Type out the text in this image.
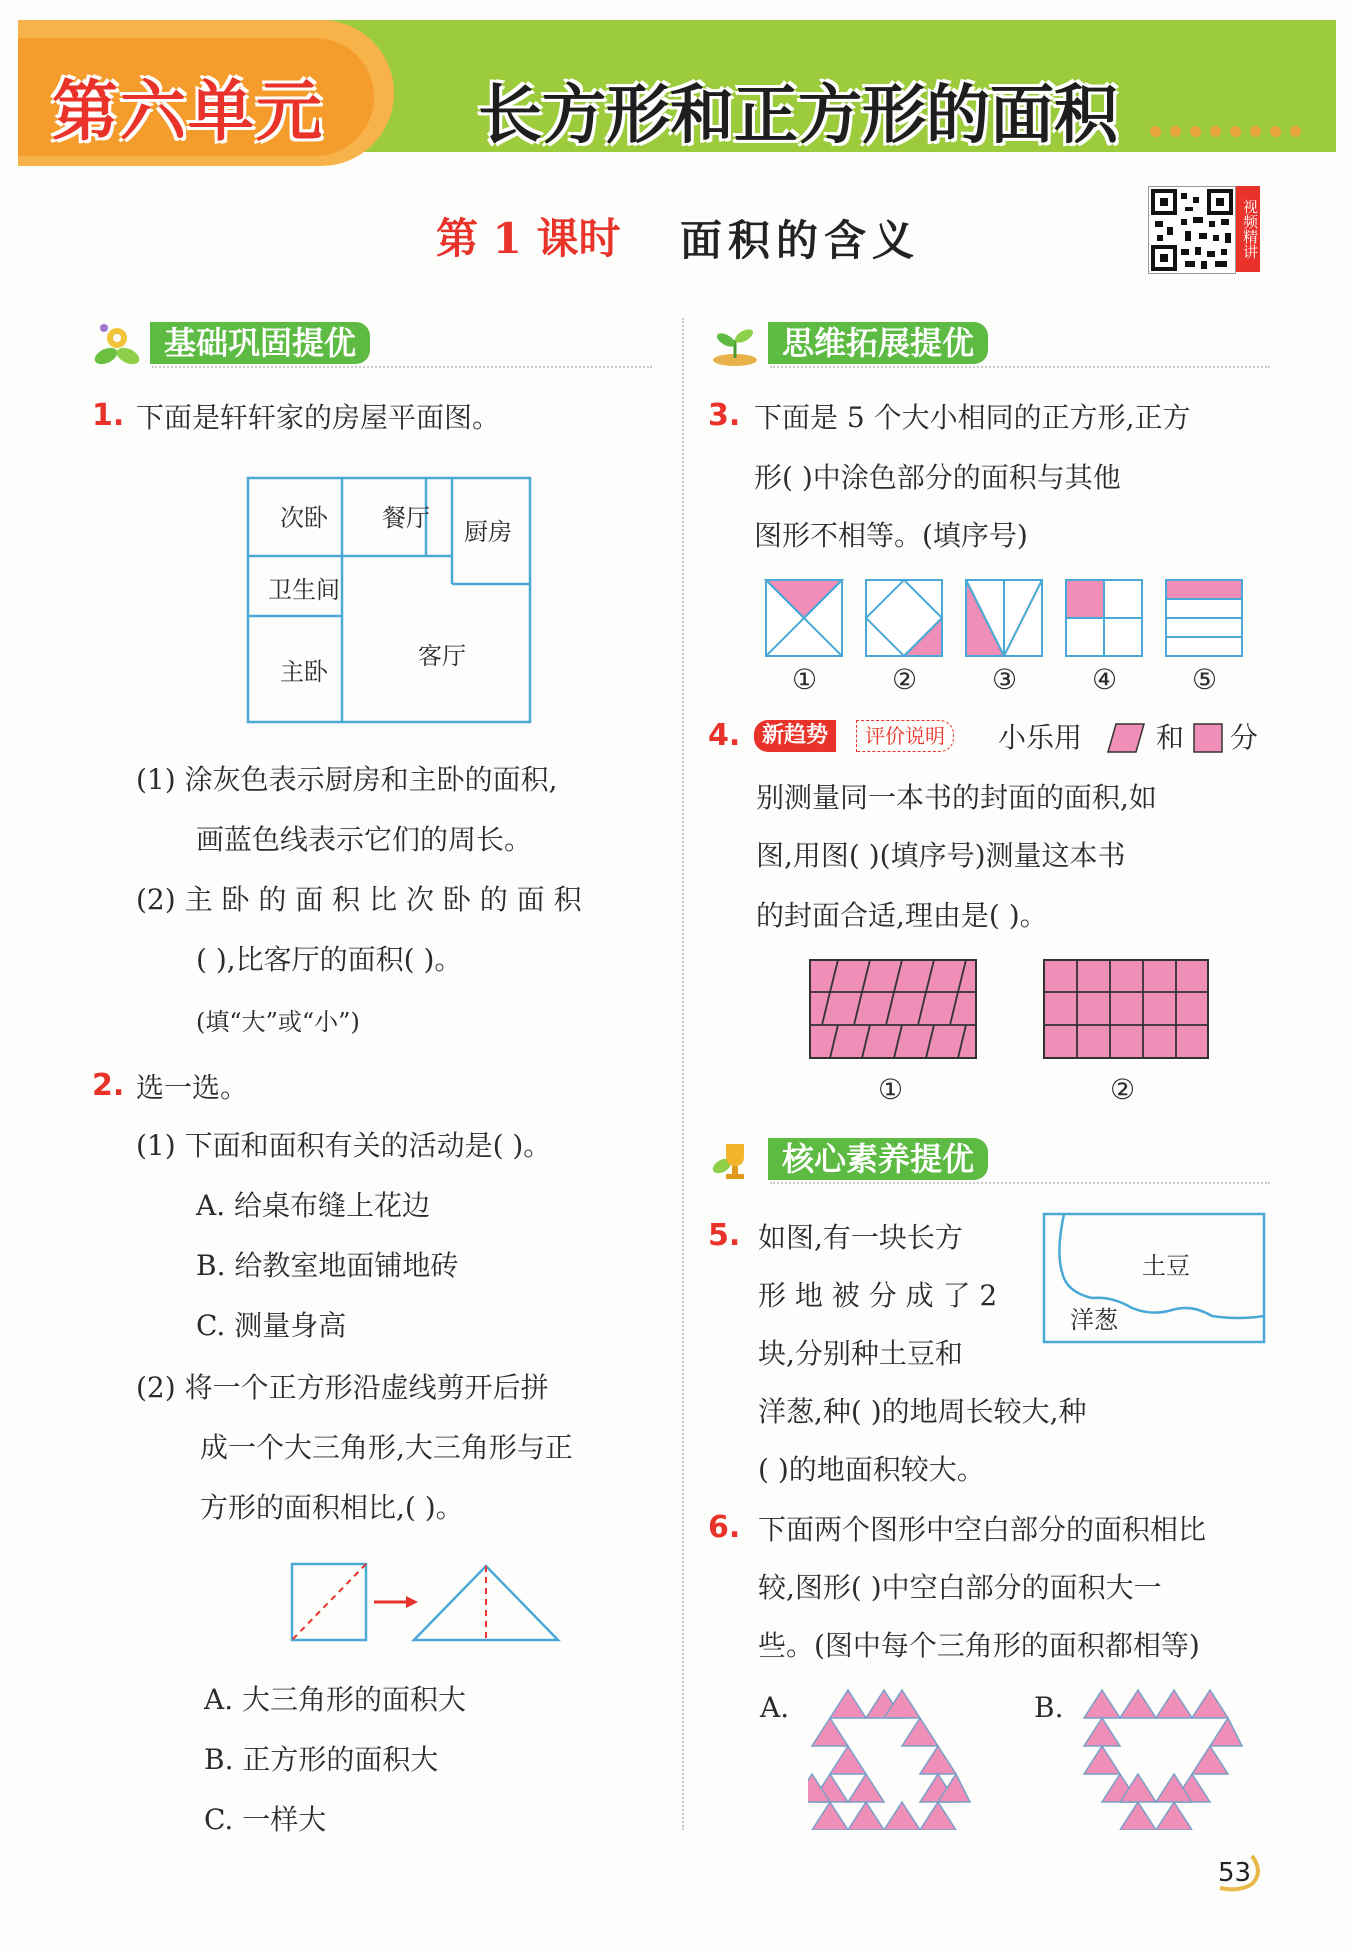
第六单元 长方形和正方形的面积
第 1 课时 面积的含义	视频精讲
基础巩固提优
1. 下面是轩轩家的房屋平面图。
次卧 餐厅 厨房
卫生间
主卧
客厅
(1) 涂灰色表示厨房和主卧的面积,
画蓝色线表示它们的周长。
(2) 主 卧 的 面 积 比 次 卧 的 面 积
( ),比客厅的面积( )。
(填“大”或“小”)
2. 选一选。
(1) 下面和面积有关的活动是( )。
A. 给桌布缝上花边
B. 给教室地面铺地砖
C. 测量身高
(2) 将一个正方形沿虚线剪开后拼
成一个大三角形,大三角形与正
方形的面积相比,( )。
A. 大三角形的面积大
B. 正方形的面积大
C. 一样大
思维拓展提优
3. 下面是 5 个大小相同的正方形,正方
形( )中涂色部分的面积与其他
图形不相等。(填序号)
①	②	③	④	⑤
4. 新趋势	评价说明	小乐用	和 分
别测量同一本书的封面的面积,如
图,用图( )(填序号)测量这本书
的封面合适,理由是( )。
①	②
核心素养提优
5. 如图,有一块长方
形 地 被 分 成 了 2
块,分别种土豆和
洋葱,种( )的地周长较大,种
( )的地面积较大。
土豆
洋葱
6. 下面两个图形中空白部分的面积相比
较,图形( )中空白部分的面积大一
些。(图中每个三角形的面积都相等)
A.	B.
53
